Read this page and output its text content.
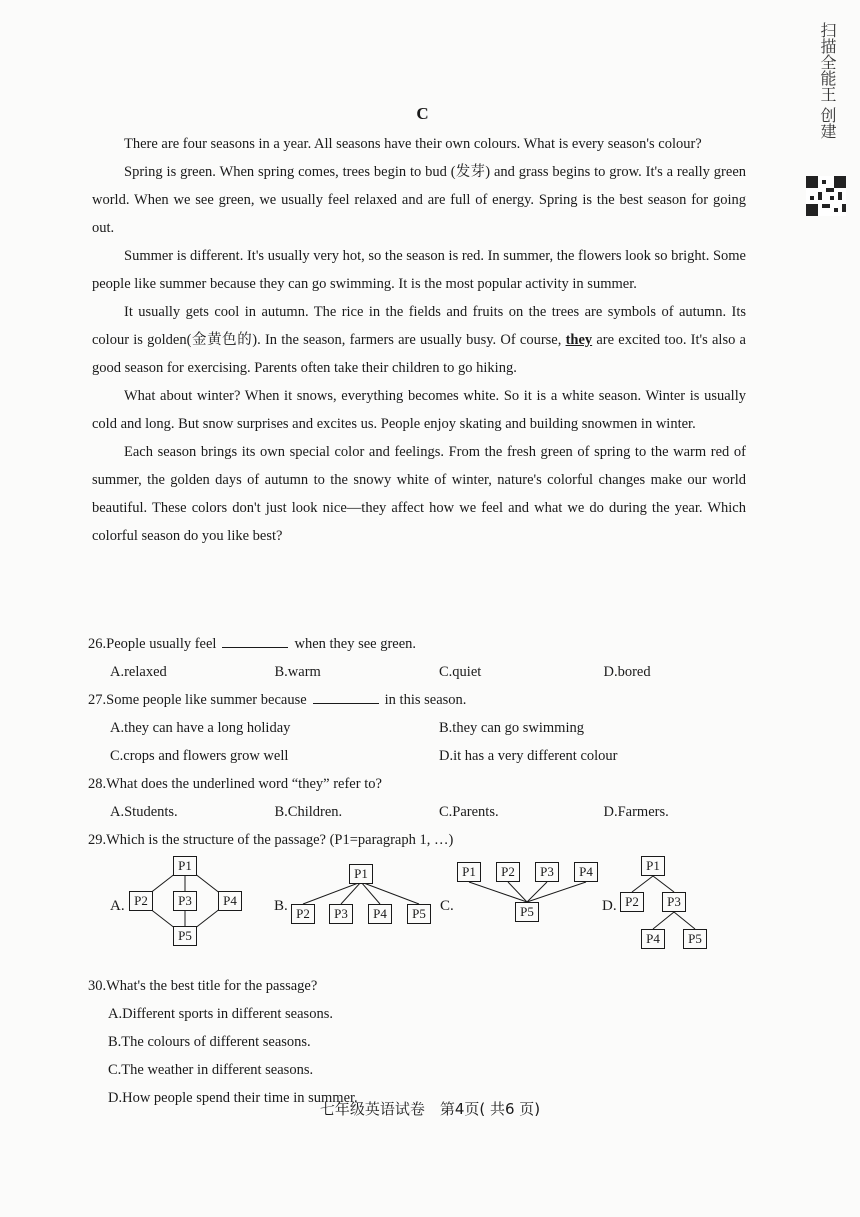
扫描全能王 创建
C

There are four seasons in a year. All seasons have their own colours. What is every season's colour?

Spring is green. When spring comes, trees begin to bud (发芽) and grass begins to grow. It's a really green world. When we see green, we usually feel relaxed and are full of energy. Spring is the best season for going out.

Summer is different. It's usually very hot, so the season is red. In summer, the flowers look so bright. Some people like summer because they can go swimming. It is the most popular activity in summer.

It usually gets cool in autumn. The rice in the fields and fruits on the trees are symbols of autumn. Its colour is golden(金黄色的). In the season, farmers are usually busy. Of course, they are excited too. It's also a good season for exercising. Parents often take their children to go hiking.

What about winter? When it snows, everything becomes white. So it is a white season. Winter is usually cold and long. But snow surprises and excites us. People enjoy skating and building snowmen in winter.

Each season brings its own special color and feelings. From the fresh green of spring to the warm red of summer, the golden days of autumn to the snowy white of winter, nature's colorful changes make our world beautiful. These colors don't just look nice—they affect how we feel and what we do during the year. Which colorful season do you like best?

26.People usually feel	when they see green.

A.relaxed	B.warm	C.quiet	D.bored

27.Some people like summer because	in this season.

A.they can have a long holiday	B.they can go swimming
C.crops and flowers grow well	D.it has a very different colour

28.What does the underlined word “they” refer to?

A.Students.	B.Children.	C.Parents.	D.Farmers.

29.Which is the structure of the passage? (P1=paragraph 1, …)

A.
P1
P2	P3	P4
P5
B.
P1
P2	P3	P4	P5 C.
P1	P2	P3	P4
P5	D.
P1
P2	P3
P4	P5

30.What's the best title for the passage?

A.Different sports in different seasons.
B.The colours of different seasons.
C.The weather in different seasons.
D.How people spend their time in summer.
七年级英语试卷　第4页( 共6 页)
